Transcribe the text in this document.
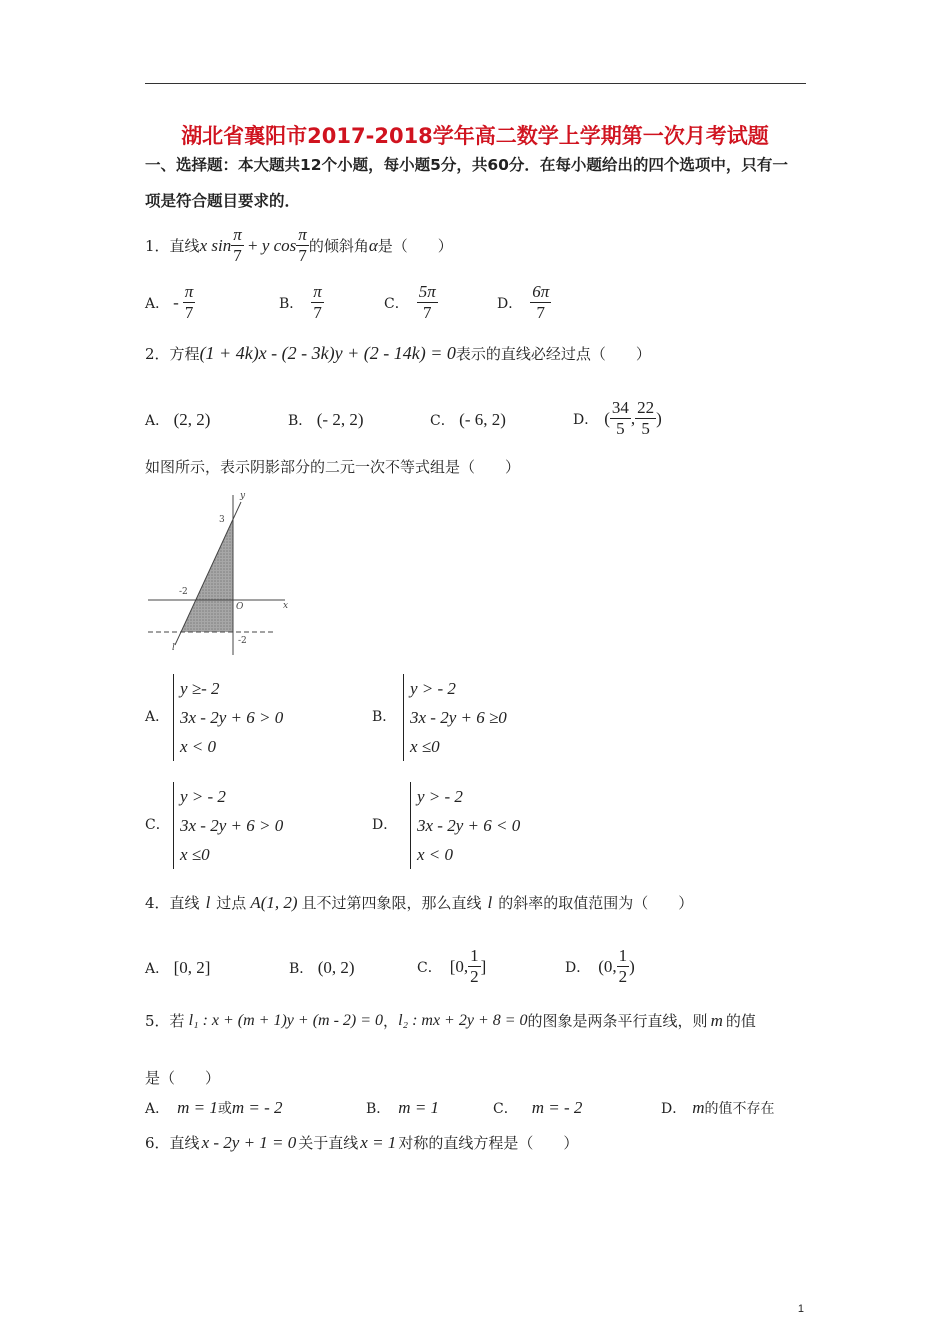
湖北省襄阳市2017-2018学年高二数学上学期第一次月考试题
一、选择题：本大题共12个小题，每小题5分，共60分．在每小题给出的四个选项中，只有一
项是符合题目要求的．
1． 直线 x $\sin \frac{\pi}{7} + y$ $\cos \frac{\pi}{7}$ 的倾斜角 α 是（　　）
A． - $\frac{\pi}{7}$	B． $\frac{\pi}{7}$	C． $\frac{5\pi}{7}$	D． $\frac{6\pi}{7}$
2． 方程 (1 + 4k)x - (2 - 3k)y + (2 - 14k) = 0 表示的直线必经过点（　　）
A． (2, 2)	B． (- 2, 2)	C． (- 6, 2)	D． ( $\frac{34}{5}$ , $\frac{22}{5}$ )
如图所示，表示阴影部分的二元一次不等式组是（　　）
y
x
3
-2
O
-2
l
A．
y ≥- 2
3x - 2y + 6 > 0
x < 0
B．
y > - 2
3x - 2y + 6 ≥0
x ≤0
C．
y > - 2
3x - 2y + 6 > 0
x ≤0
D．
y > - 2
3x - 2y + 6 < 0
x < 0
4． 直线 l 过点 A(1, 2) 且不过第四象限，那么直线 l 的斜率的取值范围为（　　）
A． [0, 2]	B． (0, 2)	C． [0, $\frac{1}{2}$ ]	D． (0, $\frac{1}{2}$ )
5． 若 l₁ : x + (m + 1)y + (m - 2) = 0 ， l₂ : mx + 2y + 8 = 0 的图象是两条平行直线，则 m 的值
是（　　）
A． m = 1 或 m = - 2	B． m = 1	C． m = - 2	D． m 的值不存在
6． 直线 x - 2y + 1 = 0 关于直线 x = 1 对称的直线方程是（　　）
1
